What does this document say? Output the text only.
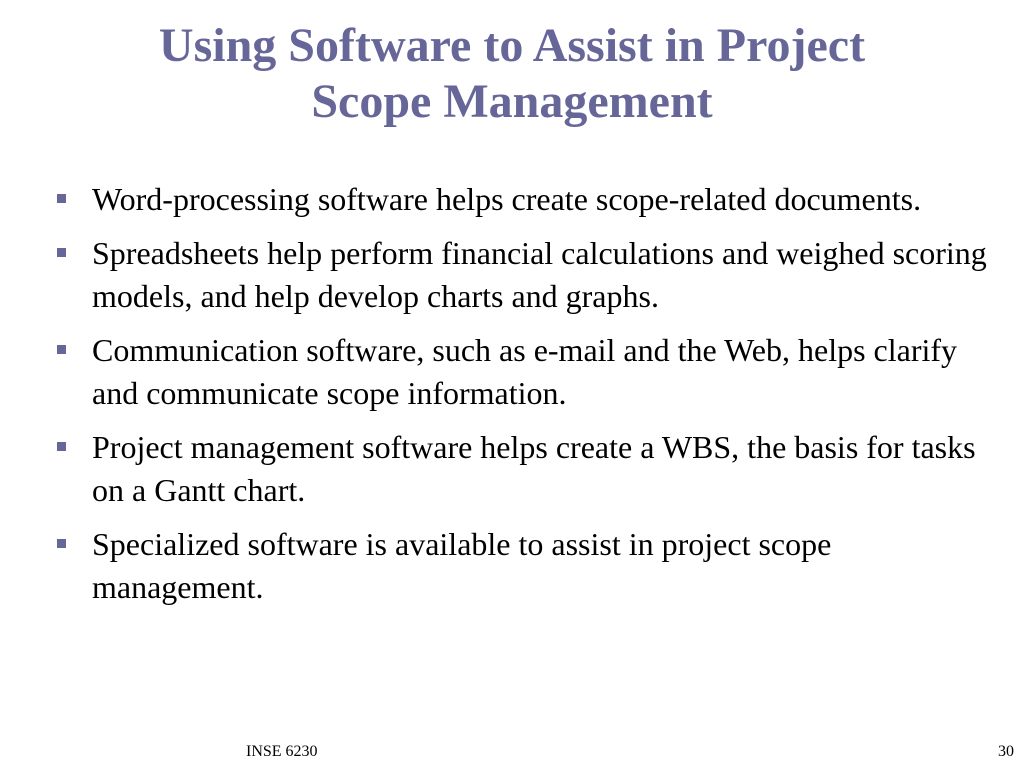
Using Software to Assist in Project
Scope Management
Word-processing software helps create scope-related documents.
Spreadsheets help perform financial calculations and weighed scoring models, and help develop charts and graphs.
Communication software, such as e-mail and the Web, helps clarify and communicate scope information.
Project management software helps create a WBS, the basis for tasks on a Gantt chart.
Specialized software is available to assist in project scope management.
INSE 6230	30
